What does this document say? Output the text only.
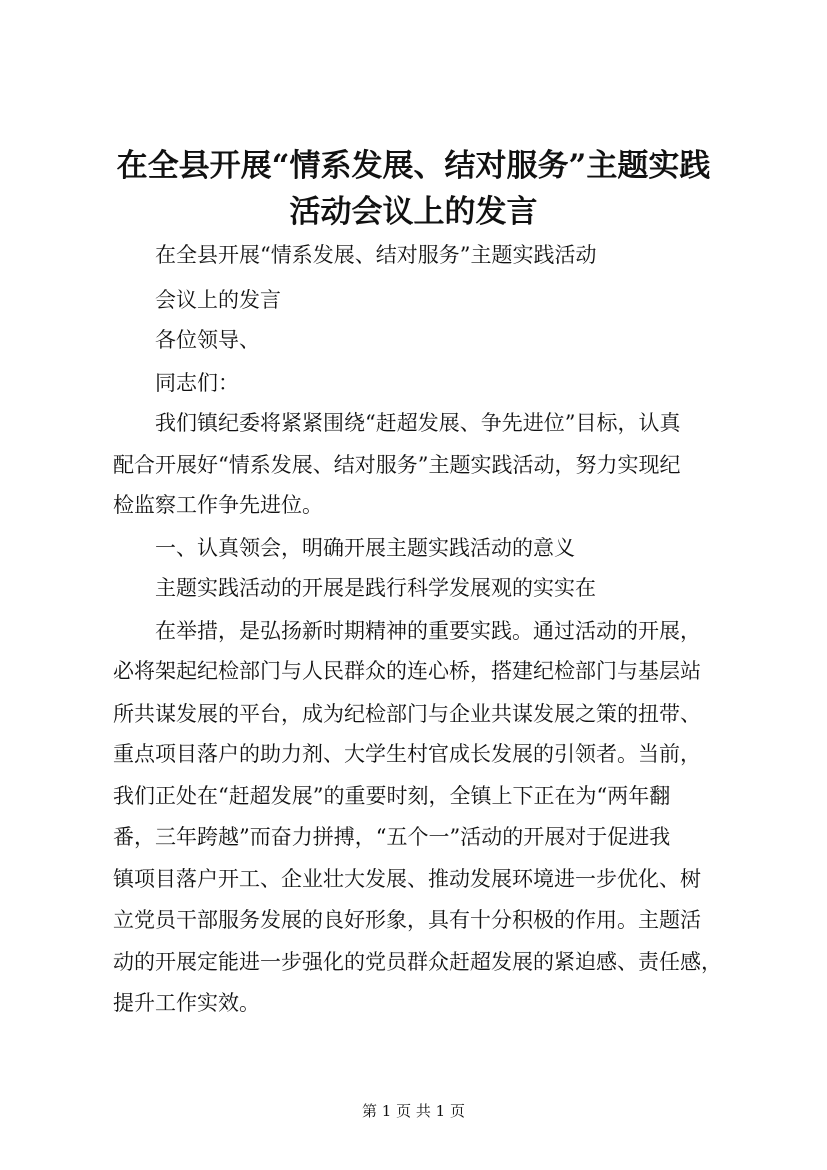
在全县开展“情系发展、结对服务”主题实践
活动会议上的发言
在全县开展“情系发展、结对服务”主题实践活动
会议上的发言
各位领导、
同志们：
我们镇纪委将紧紧围绕“赶超发展、争先进位”目标，认真
配合开展好“情系发展、结对服务”主题实践活动，努力实现纪
检监察工作争先进位。
一、认真领会，明确开展主题实践活动的意义
主题实践活动的开展是践行科学发展观的实实在
在举措，是弘扬新时期精神的重要实践。通过活动的开展，
必将架起纪检部门与人民群众的连心桥，搭建纪检部门与基层站
所共谋发展的平台，成为纪检部门与企业共谋发展之策的扭带、
重点项目落户的助力剂、大学生村官成长发展的引领者。当前，
我们正处在“赶超发展”的重要时刻，全镇上下正在为“两年翻
番，三年跨越”而奋力拼搏，“五个一”活动的开展对于促进我
镇项目落户开工、企业壮大发展、推动发展环境进一步优化、树
立党员干部服务发展的良好形象，具有十分积极的作用。主题活
动的开展定能进一步强化的党员群众赶超发展的紧迫感、责任感，
提升工作实效。
第 1 页 共 1 页
